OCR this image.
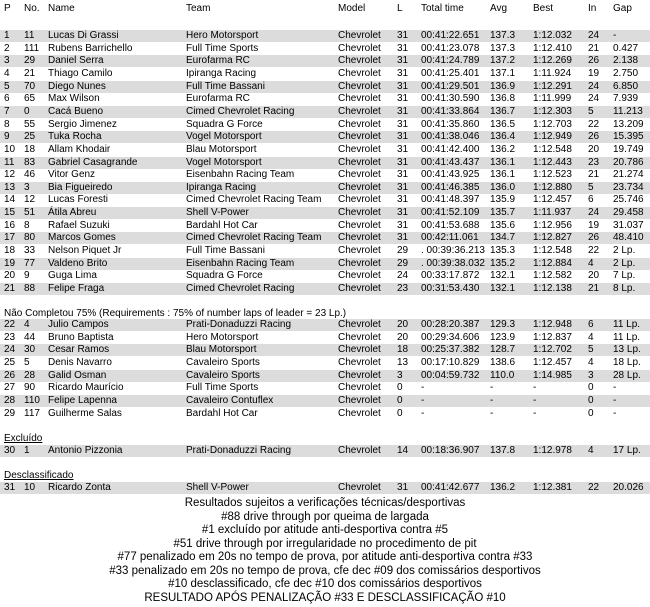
P No. Name	Team	Model	L Total time	Avg	Best	In Gap
1 11 Lucas Di Grassi	Hero Motorsport	Chevrolet 31 00:41:22.651 137.3 1:12.032 24 -
2 111 Rubens Barrichello	Full Time Sports	Chevrolet 31 00:41:23.078 137.3 1:12.410 21 0.427
3 29 Daniel Serra	Eurofarma RC	Chevrolet 31 00:41:24.789 137.2 1:12.269 26 2.138
4 21 Thiago Camilo	Ipiranga Racing	Chevrolet 31 00:41:25.401 137.1 1:11.924 19 2.750
5 70 Diego Nunes	Full Time Bassani	Chevrolet 31 00:41:29.501 136.9 1:12.291 24 6.850
6 65 Max Wilson	Eurofarma RC	Chevrolet 31 00:41:30.590 136.8 1:11.999 24 7.939
7 0 Cacá Bueno	Cimed Chevrolet Racing	Chevrolet 31 00:41:33.864 136.7 1:12.303 5 11.213
8 55 Sergio Jimenez	Squadra G Force	Chevrolet 31 00:41:35.860 136.5 1:12.703 22 13.209
9 25 Tuka Rocha	Vogel Motorsport	Chevrolet 31 00:41:38.046 136.4 1:12.949 26 15.395
10 18 Allam Khodair	Blau Motorsport	Chevrolet 31 00:41:42.400 136.2 1:12.548 20 19.749
11 83 Gabriel Casagrande	Vogel Motorsport	Chevrolet 31 00:41:43.437 136.1 1:12.443 23 20.786
12 46 Vitor Genz	Eisenbahn Racing Team	Chevrolet 31 00:41:43.925 136.1 1:12.523 21 21.274
13 3 Bia Figueiredo	Ipiranga Racing	Chevrolet 31 00:41:46.385 136.0 1:12.880 5 23.734
14 12 Lucas Foresti	Cimed Chevrolet Racing Team Chevrolet 31 00:41:48.397 135.9 1:12.457 6 25.746
15 51 Átila Abreu	Shell V-Power	Chevrolet 31 00:41:52.109 135.7 1:11.937 24 29.458
16 8 Rafael Suzuki	Bardahl Hot Car	Chevrolet 31 00:41:53.688 135.6 1:12.956 19 31.037
17 80 Marcos Gomes	Cimed Chevrolet Racing Team Chevrolet 31 00:42:11.061 134.7 1:12.827 26 48.410
18 33 Nelson Piquet Jr	Full Time Bassani	Chevrolet 29 . 00:39:36.213 135.3 1:12.548 22 2 Lp.
19 77 Valdeno Brito	Eisenbahn Racing Team	Chevrolet 29 . 00:39:38.032 135.2 1:12.884 4 2 Lp.
20 9 Guga Lima	Squadra G Force	Chevrolet 24 00:33:17.872 132.1 1:12.582 20 7 Lp.
21 88 Felipe Fraga	Cimed Chevrolet Racing	Chevrolet 23 00:31:53.430 132.1 1:12.138 21 8 Lp.
Não Completou 75% (Requirements : 75% of number laps of leader = 23 Lp.)
22 4 Julio Campos	Prati-Donaduzzi Racing	Chevrolet 20 00:28:20.387 129.3 1:12.948 6 11 Lp.
23 44 Bruno Baptista	Hero Motorsport	Chevrolet 20 00:29:34.606 123.9 1:12.837 4 11 Lp.
24 30 Cesar Ramos	Blau Motorsport	Chevrolet 18 00:25:37.382 128.7 1:12.702 5 13 Lp.
25 5 Denis Navarro	Cavaleiro Sports	Chevrolet 13 00:17:10.829 138.6 1:12.457 4 18 Lp.
26 28 Galid Osman	Cavaleiro Sports	Chevrolet 3 00:04:59.732 110.0 1:14.985 3 28 Lp.
27 90 Ricardo Maurício	Full Time Sports	Chevrolet 0 -	-	-	0 -
28 110 Felipe Lapenna	Cavaleiro Contuflex	Chevrolet 0 -	-	-	0 -
29 117 Guilherme Salas	Bardahl Hot Car	Chevrolet 0 -	-	-	0 -
Excluído
30 1 Antonio Pizzonia	Prati-Donaduzzi Racing	Chevrolet 14 00:18:36.907 137.8 1:12.978 4 17 Lp.
Desclassificado
31 10 Ricardo Zonta	Shell V-Power	Chevrolet 31 00:41:42.677 136.2 1:12.381 22 20.026
Resultados sujeitos a verificações técnicas/desportivas
#88 drive through por queima de largada
#1 excluído por atitude anti-desportiva contra #5
#51 drive through por irregularidade no procedimento de pit
#77 penalizado em 20s no tempo de prova, por atitude anti-desportiva contra #33
#33 penalizado em 20s no tempo de prova, cfe dec #09 dos comissários desportivos
#10 desclassificado, cfe dec #10 dos comissários desportivos
RESULTADO APÓS PENALIZAÇÃO #33 E DESCLASSIFICAÇÃO #10
